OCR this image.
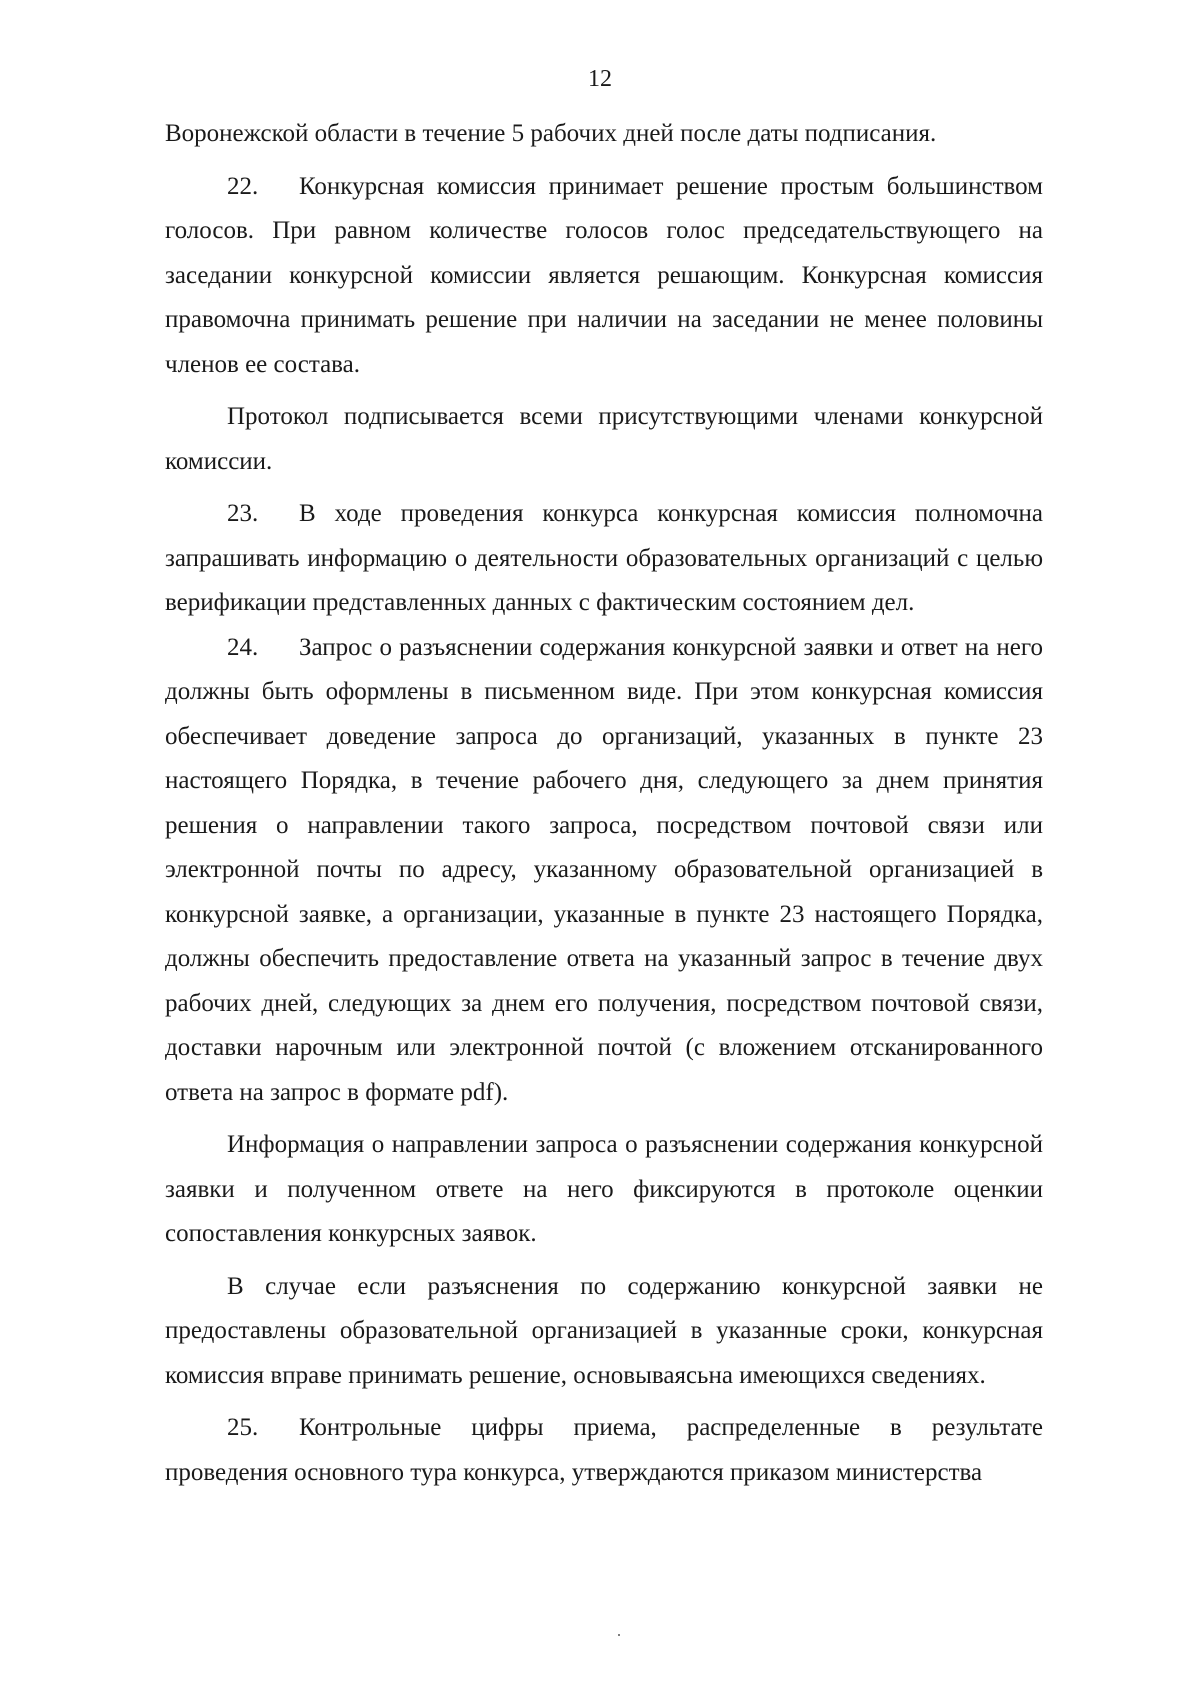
12

Воронежской области в течение 5 рабочих дней после даты подписания.

22. Конкурсная комиссия принимает решение простым большинством голосов. При равном количестве голосов голос председательствующего на заседании конкурсной комиссии является решающим. Конкурсная комиссия правомочна принимать решение при наличии на заседании не менее половины членов ее состава.

Протокол подписывается всеми присутствующими членами конкурсной комиссии.

23. В ходе проведения конкурса конкурсная комиссия полномочна запрашивать информацию о деятельности образовательных организаций с целью верификации представленных данных с фактическим состоянием дел.

24. Запрос о разъяснении содержания конкурсной заявки и ответ на него должны быть оформлены в письменном виде. При этом конкурсная комиссия обеспечивает доведение запроса до организаций, указанных в пункте 23 настоящего Порядка, в течение рабочего дня, следующего за днем принятия решения о направлении такого запроса, посредством почтовой связи или электронной почты по адресу, указанному образовательной организацией в конкурсной заявке, а организации, указанные в пункте 23 настоящего Порядка, должны обеспечить предоставление ответа на указанный запрос в течение двух рабочих дней, следующих за днем его получения, посредством почтовой связи, доставки нарочным или электронной почтой (с вложением отсканированного ответа на запрос в формате pdf).

Информация о направлении запроса о разъяснении содержания конкурсной заявки и полученном ответе на него фиксируются в протоколе оценкии сопоставления конкурсных заявок.

В случае если разъяснения по содержанию конкурсной заявки не предоставлены образовательной организацией в указанные сроки, конкурсная комиссия вправе принимать решение, основываясьна имеющихся сведениях.

25. Контрольные цифры приема, распределенные в результате проведения основного тура конкурса, утверждаются приказом министерства
